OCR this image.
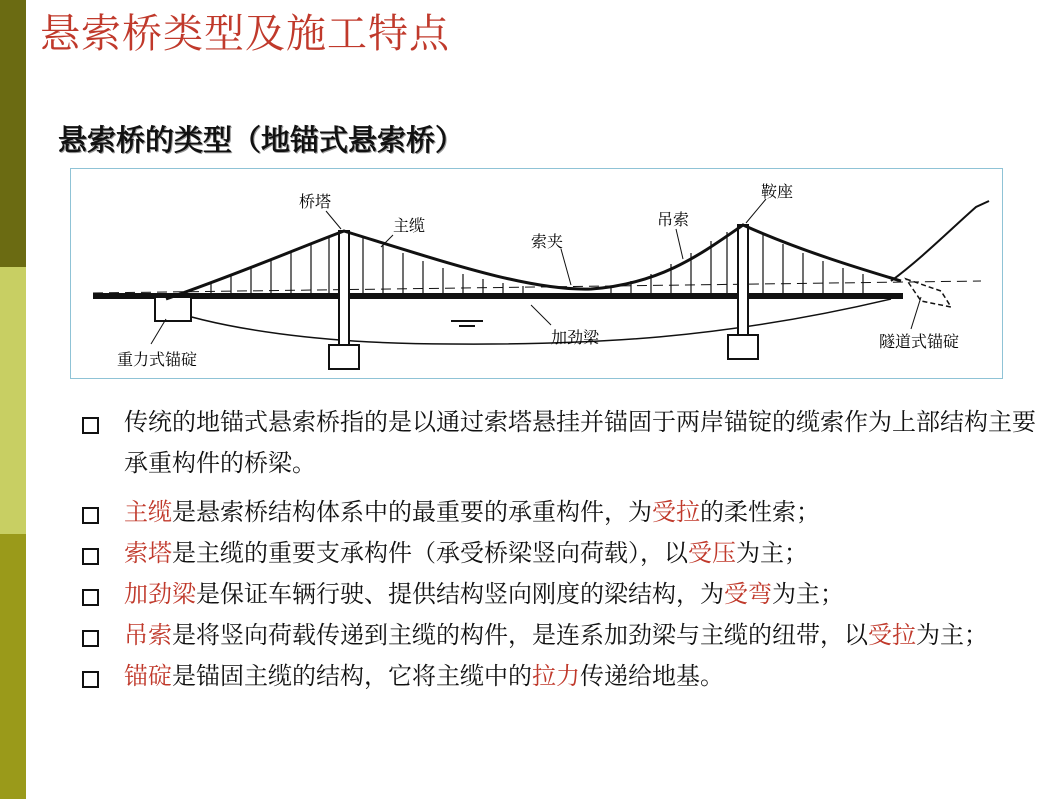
悬索桥类型及施工特点
悬索桥的类型（地锚式悬索桥）
桥塔
主缆
索夹
吊索
鞍座
加劲梁
重力式锚碇
隧道式锚碇
传统的地锚式悬索桥指的是以通过索塔悬挂并锚固于两岸锚锭的缆索作为上部结构主要承重构件的桥梁。
主缆是悬索桥结构体系中的最重要的承重构件，为受拉的柔性索；
索塔是主缆的重要支承构件（承受桥梁竖向荷载），以受压为主；
加劲梁是保证车辆行驶、提供结构竖向刚度的梁结构，为受弯为主；
吊索是将竖向荷载传递到主缆的构件，是连系加劲梁与主缆的纽带，以受拉为主；
锚碇是锚固主缆的结构，它将主缆中的拉力传递给地基。
